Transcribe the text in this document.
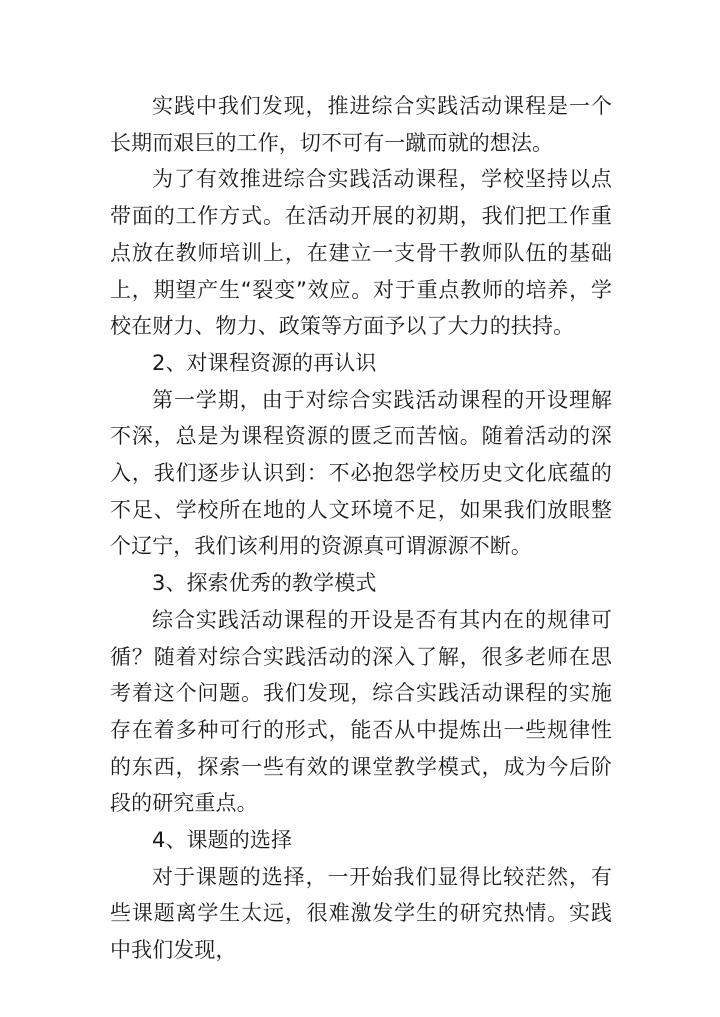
实践中我们发现，推进综合实践活动课程是一个长期而艰巨的工作，切不可有一蹴而就的想法。

为了有效推进综合实践活动课程，学校坚持以点带面的工作方式。在活动开展的初期，我们把工作重点放在教师培训上，在建立一支骨干教师队伍的基础上，期望产生“裂变”效应。对于重点教师的培养，学校在财力、物力、政策等方面予以了大力的扶持。

2、对课程资源的再认识

第一学期，由于对综合实践活动课程的开设理解不深，总是为课程资源的匮乏而苦恼。随着活动的深入，我们逐步认识到：不必抱怨学校历史文化底蕴的不足、学校所在地的人文环境不足，如果我们放眼整个辽宁，我们该利用的资源真可谓源源不断。

3、探索优秀的教学模式

综合实践活动课程的开设是否有其内在的规律可循？随着对综合实践活动的深入了解，很多老师在思考着这个问题。我们发现，综合实践活动课程的实施存在着多种可行的形式，能否从中提炼出一些规律性的东西，探索一些有效的课堂教学模式，成为今后阶段的研究重点。

4、课题的选择

对于课题的选择，一开始我们显得比较茫然，有些课题离学生太远，很难激发学生的研究热情。实践中我们发现，
